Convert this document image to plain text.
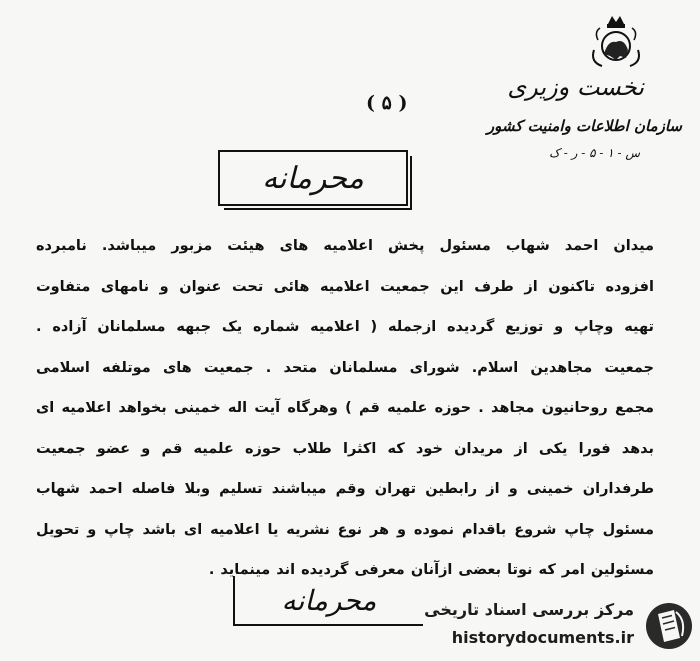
نخست وزیری
سازمان اطلاعات وامنیت کشور
س - ۱ - ۵ - ر - ک
( ۵ )
محرمانه
میدان احمد شهاب مسئول پخش اعلامیه های هیئت مزبور میباشد. نامبرده
افزوده تاکنون از طرف این جمعیت اعلامیه هائی تحت عنوان و نامهای متفاوت
تهیه وچاپ و توزیع گردیده ازجمله ( اعلامیه شماره یک جبهه مسلمانان آزاده .
جمعیت مجاهدین اسلام. شورای مسلمانان متحد . جمعیت های موتلفه اسلامی
مجمع روحانیون مجاهد . حوزه علمیه قم ) وهرگاه آیت اله خمینی بخواهد اعلامیه ای
بدهد فورا یکی از مریدان خود که اکثرا طلاب حوزه علمیه قم و عضو جمعیت
طرفداران خمینی و از رابطین تهران وقم میباشند تسلیم وبلا فاصله احمد شهاب
مسئول چاپ شروع باقدام نموده و هر نوع نشریه یا اعلامیه ای باشد چاپ و تحویل
مسئولین امر که نوتا بعضی ازآنان معرفی گردیده اند مینماید .
محرمانه	مرکز بررسی اسناد تاریخی
historydocuments.ir
